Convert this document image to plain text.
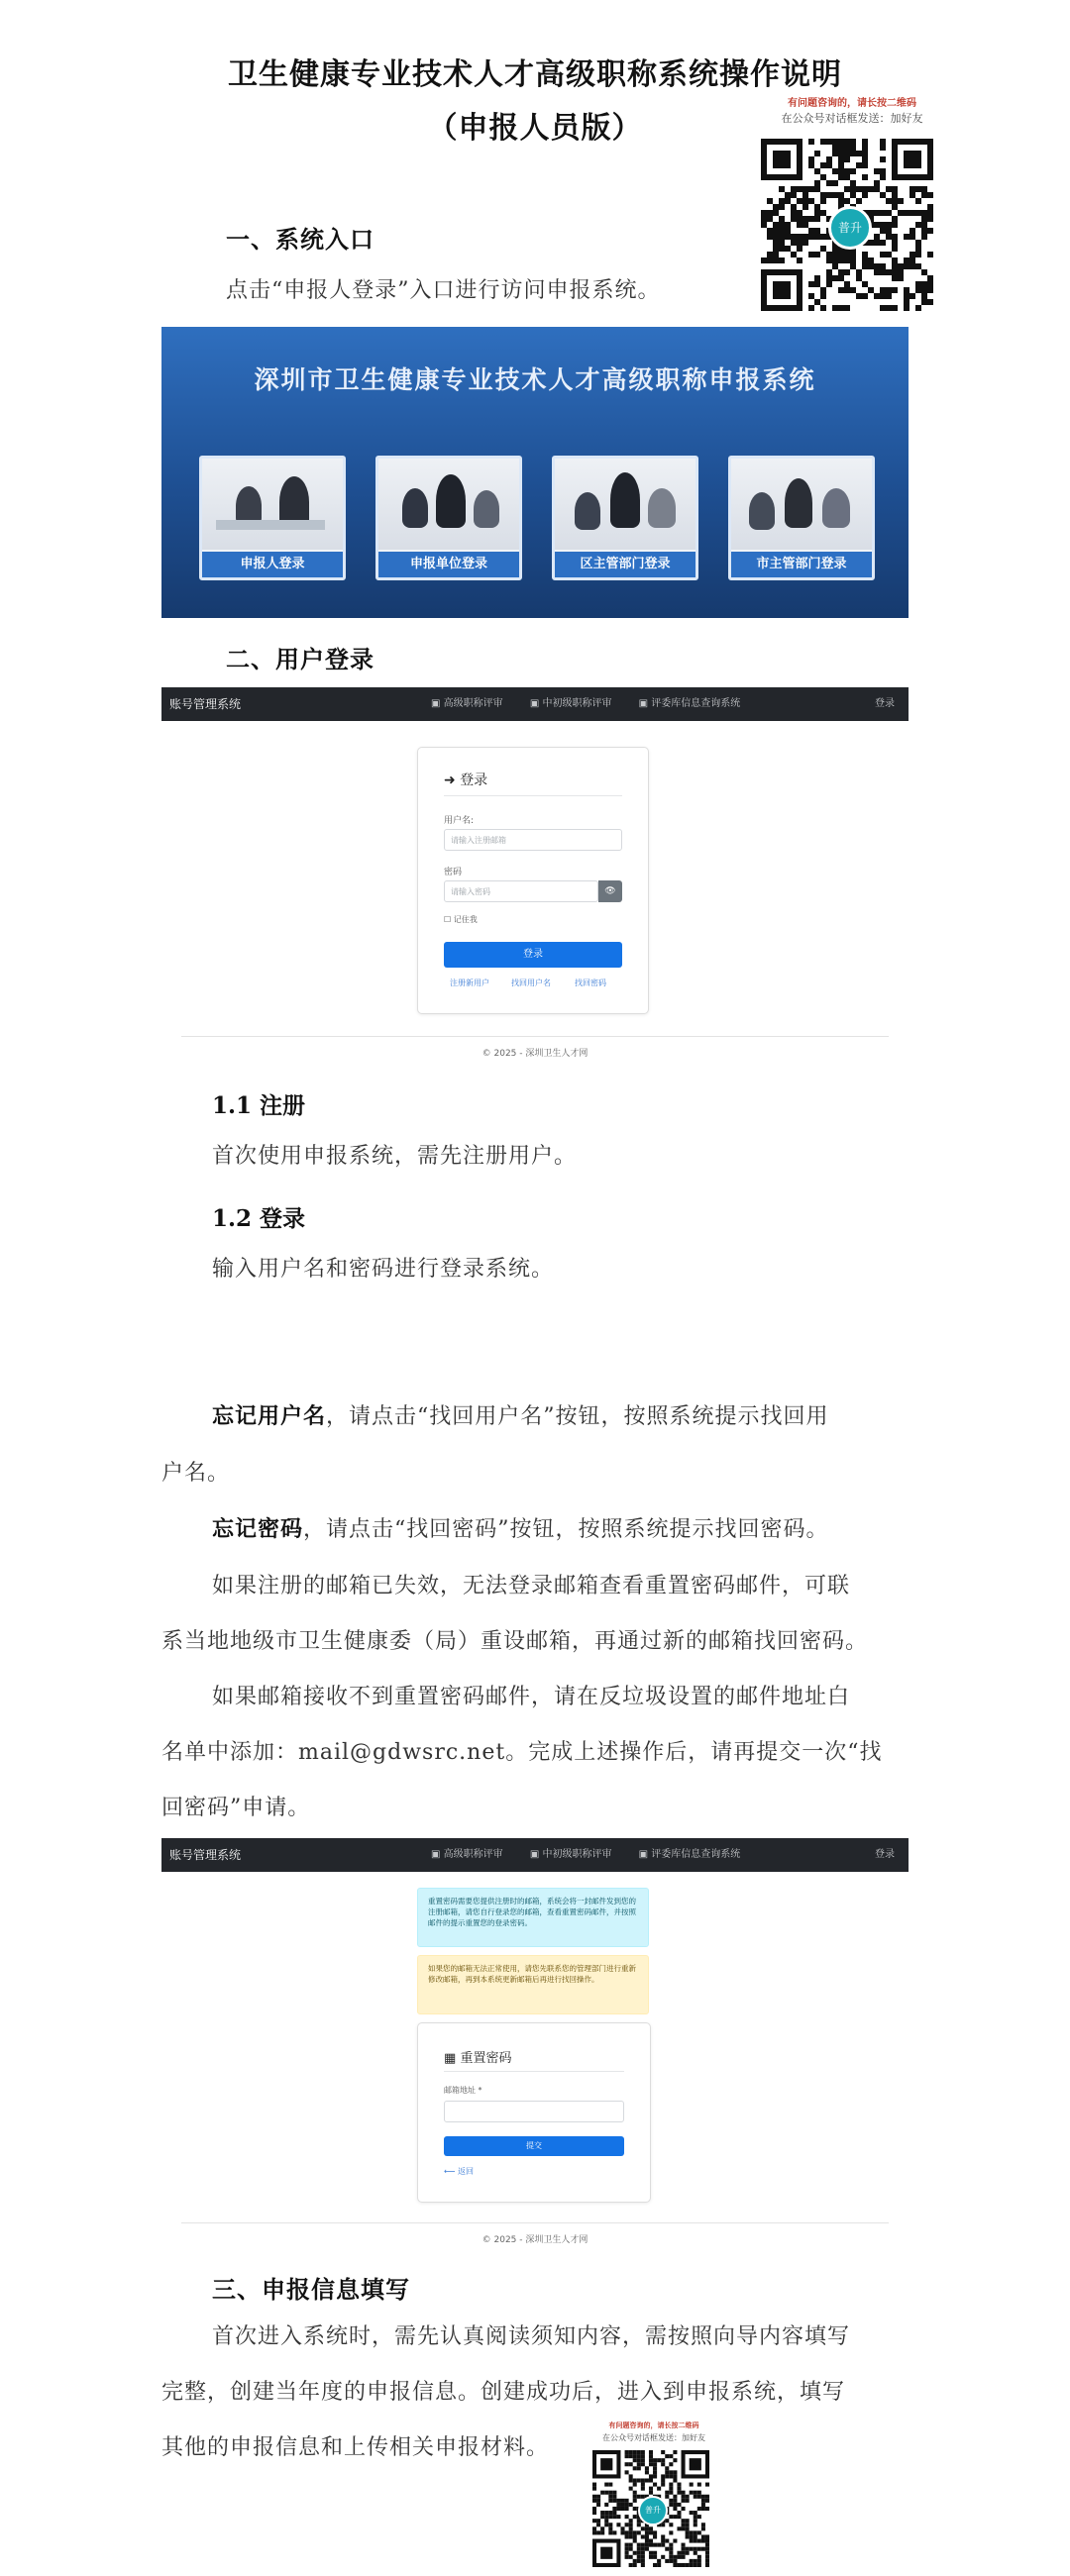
卫生健康专业技术人才高级职称系统操作说明
（申报人员版）
有问题咨询的，请长按二维码
在公众号对话框发送：加好友
普升
一、系统入口
点击“申报人登录”入口进行访问申报系统。
深圳市卫生健康专业技术人才高级职称申报系统
申报人登录	申报单位登录	区主管部门登录	市主管部门登录
二、用户登录
账号管理系统	▣ 高级职称评审	▣ 中初级职称评审	▣ 评委库信息查询系统	登录
➜ 登录
用户名:
请输入注册邮箱
密码
请输入密码	👁
☐ 记住我
登录
注册新用户	找回用户名	找回密码
© 2025 - 深圳卫生人才网
1.1 注册
首次使用申报系统，需先注册用户。
1.2 登录
输入用户名和密码进行登录系统。
忘记用户名，请点击“找回用户名”按钮，按照系统提示找回用
户名。
忘记密码，请点击“找回密码”按钮，按照系统提示找回密码。
如果注册的邮箱已失效，无法登录邮箱查看重置密码邮件，可联
系当地地级市卫生健康委（局）重设邮箱，再通过新的邮箱找回密码。
如果邮箱接收不到重置密码邮件，请在反垃圾设置的邮件地址白
名单中添加：mail@gdwsrc.net。完成上述操作后，请再提交一次“找
回密码”申请。
账号管理系统	▣ 高级职称评审	▣ 中初级职称评审	▣ 评委库信息查询系统	登录
重置密码需要您提供注册时的邮箱，系统会将一封邮件发到您的注册邮箱，请您自行登录您的邮箱，查看重置密码邮件，并按照邮件的提示重置您的登录密码。
如果您的邮箱无法正常使用，请您先联系您的管理部门进行重新修改邮箱，再到本系统更新邮箱后再进行找回操作。
▦ 重置密码
邮箱地址 *
提交
⟵ 返回
© 2025 - 深圳卫生人才网
三、申报信息填写
首次进入系统时，需先认真阅读须知内容，需按照向导内容填写
完整，创建当年度的申报信息。创建成功后，进入到申报系统，填写
其他的申报信息和上传相关申报材料。
有问题咨询的，请长按二维码
在公众号对话框发送：加好友
普升
